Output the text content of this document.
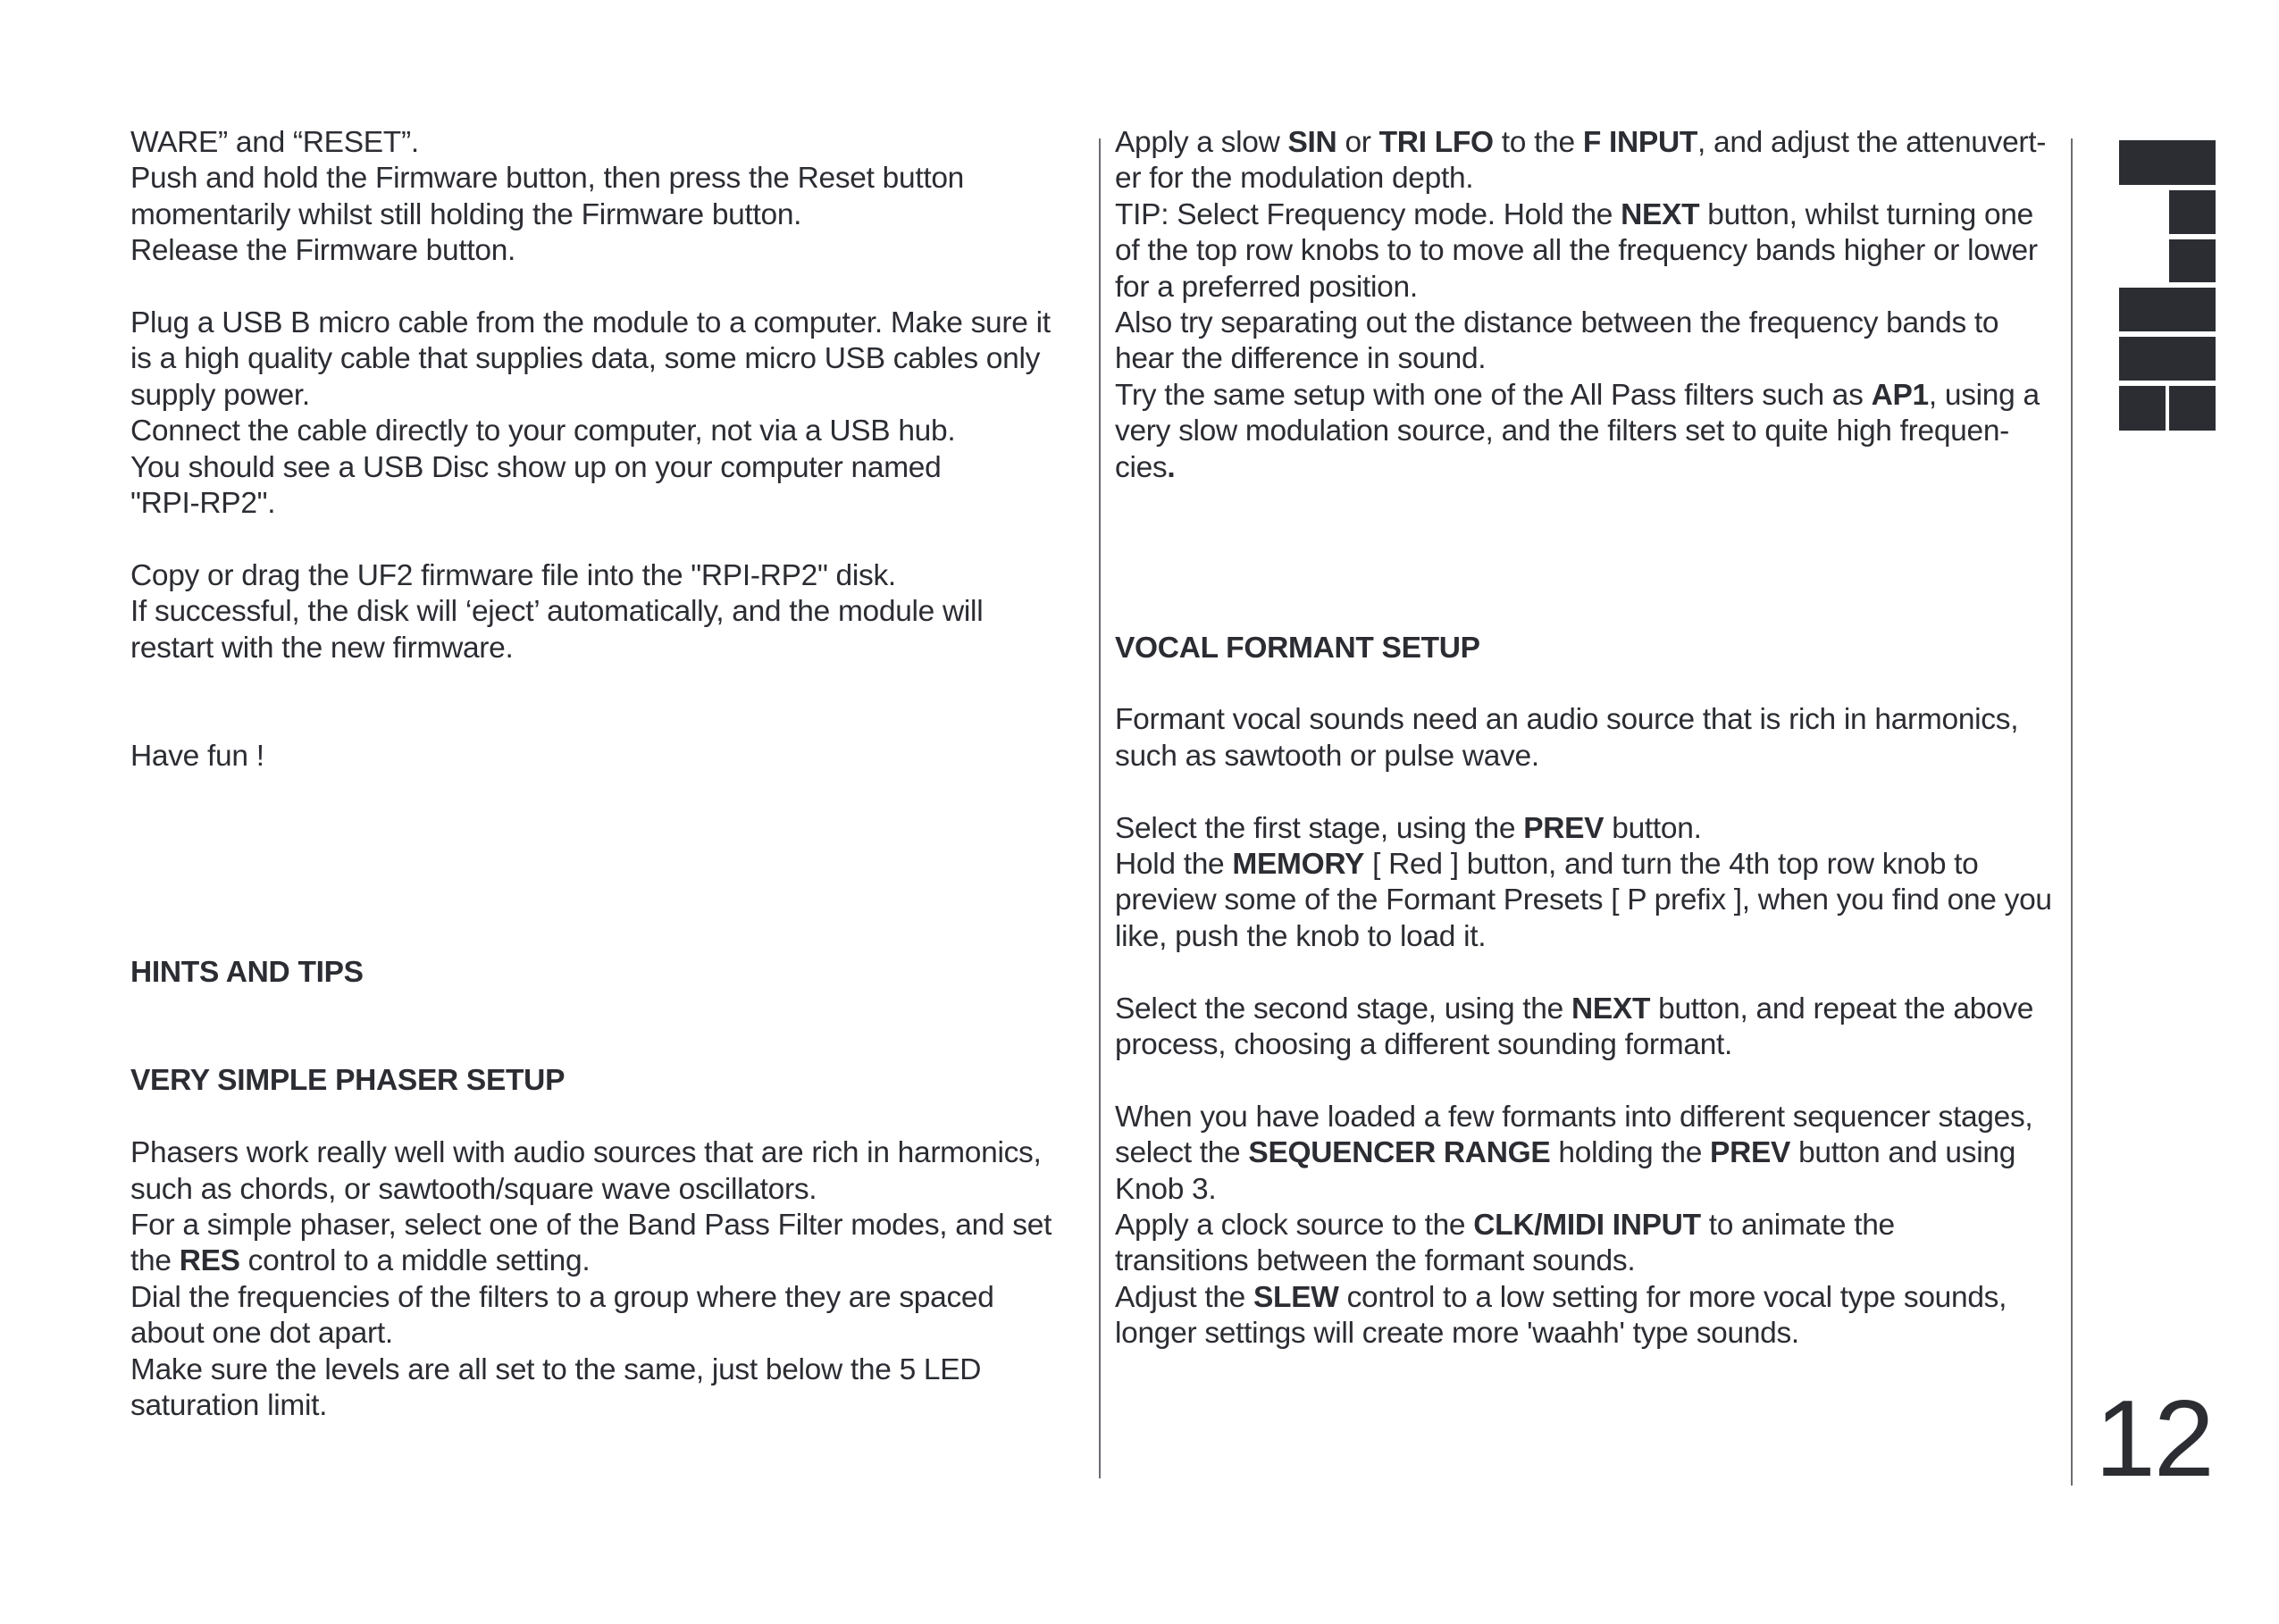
WARE” and “RESET”.

Push and hold the Firmware button, then press the Reset button

momentarily whilst still holding the Firmware button.

Release the Firmware button.

Plug a USB B micro cable from the module to a computer. Make sure it

is a high quality cable that supplies data, some micro USB cables only

supply power.

Connect the cable directly to your computer, not via a USB hub.

You should see a USB Disc show up on your computer named

"RPI-RP2".

Copy or drag the UF2 firmware file into the "RPI-RP2" disk.

If successful, the disk will ‘eject’ automatically, and the module will

restart with the new firmware.

Have fun !

HINTS AND TIPS

VERY SIMPLE PHASER SETUP

Phasers work really well with audio sources that are rich in harmonics,

such as chords, or sawtooth/square wave oscillators.

For a simple phaser, select one of the Band Pass Filter modes, and set

the RES control to a middle setting.

Dial the frequencies of the filters to a group where they are spaced

about one dot apart.

Make sure the levels are all set to the same, just below the 5 LED

saturation limit.

Apply a slow SIN or TRI LFO to the F INPUT, and adjust the attenuvert-

er for the modulation depth.

TIP: Select Frequency mode. Hold the NEXT button, whilst turning one

of the top row knobs to to move all the frequency bands higher or lower

for a preferred position.

Also try separating out the distance between the frequency bands to

hear the difference in sound.

Try the same setup with one of the All Pass filters such as AP1, using a

very slow modulation source, and the filters set to quite high frequen-

cies.

VOCAL FORMANT SETUP

Formant vocal sounds need an audio source that is rich in harmonics,

such as sawtooth or pulse wave.

Select the first stage, using the PREV button.

Hold the MEMORY [ Red ] button, and turn the 4th top row knob to

preview some of the Formant Presets [ P prefix ], when you find one you

like, push the knob to load it.

Select the second stage, using the NEXT button, and repeat the above

process, choosing a different sounding formant.

When you have loaded a few formants into different sequencer stages,

select the SEQUENCER RANGE holding the PREV button and using

Knob 3.

Apply a clock source to the CLK/MIDI INPUT to animate the

transitions between the formant sounds.

Adjust the SLEW control to a low setting for more vocal type sounds,

longer settings will create more 'waahh' type sounds.

12
